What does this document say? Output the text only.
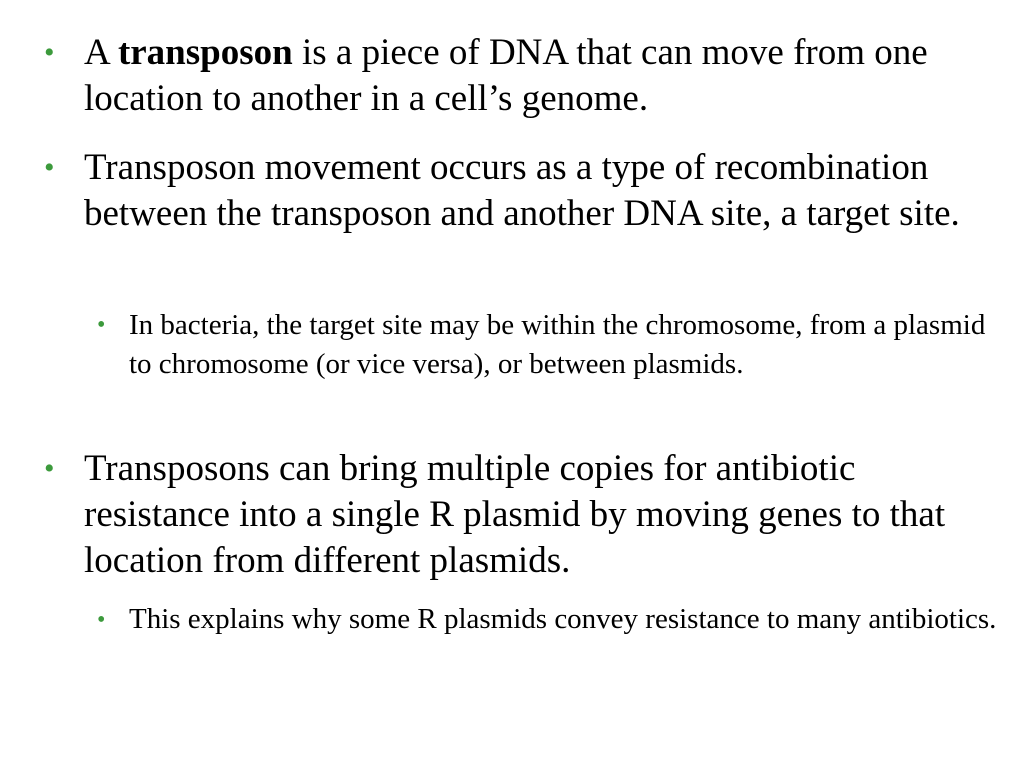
• A transposon is a piece of DNA that can move from one location to another in a cell’s genome.
• Transposon movement occurs as a type of recombination between the transposon and another DNA site, a target site.
• In bacteria, the target site may be within the chromosome, from a plasmid to chromosome (or vice versa), or between plasmids.
• Transposons can bring multiple copies for antibiotic resistance into a single R plasmid by moving genes to that location from different plasmids.
• This explains why some R plasmids convey resistance to many antibiotics.
